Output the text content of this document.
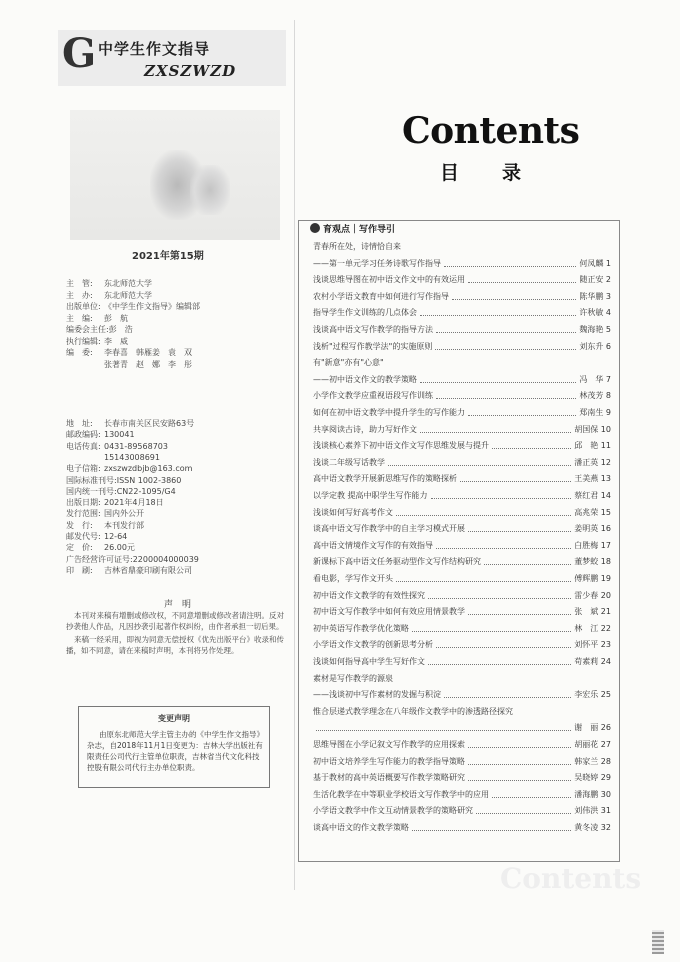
G 中学生作文指导
ZXSZWZD
2021年第15期
主　管: 东北师范大学
主　办: 东北师范大学
出版单位: 《中学生作文指导》编辑部
主　编: 彭　航
编委会主任:彭　浩
执行编辑: 李　威
编　委: 李春喜　韩雁姜　袁　双
张著青　赵　娜　李　彤
地　址: 长春市南关区民安路63号
邮政编码: 130041
电话传真: 0431-89568703
15143008691
电子信箱: zxszwzdbjb@163.com
国际标准刊号:ISSN 1002-3860
国内统一刊号:CN22-1095/G4
出版日期: 2021年4月18日
发行范围: 国内外公开
发　行: 本刊发行部
邮发代号: 12-64
定　价: 26.00元
广告经营许可证号:2200004000039
印　刷: 吉林省鼎豪印刷有限公司
声　明

本刊对来稿有增删或修改权，不同意增删或修改者请注明。反对抄袭他人作品，凡因抄袭引起著作权纠纷，由作者承担一切后果。

来稿一经采用，即视为同意无偿授权《优先出版平台》收录和传播，如不同意，请在来稿时声明，本刊将另作处理。

变更声明
由原东北师范大学主管主办的《中学生作文指导》杂志，自2018年11月1日变更为：吉林大学出版社有限责任公司代行主管单位职责，吉林省当代文化科技控股有限公司代行主办单位职责。
Contents
目　录
育观点｜写作导引
青春所在处，诗情恰自来
——第一单元学习任务诗歌写作指导	何凤麟 1
浅谈思维导图在初中语文作文中的有效运用	随正安 2
农村小学语文教育中如何进行写作指导	陈华鹏 3
指导学生作文训练的几点体会	许秋敏 4
浅谈高中语文写作教学的指导方法	魏海艳 5
浅析"过程写作教学法"的实施原则	刘东升 6
有"新意"亦有"心意"
——初中语文作文的教学策略	冯　华 7
小学作文教学应重视语段写作训练	林茂芳 8
如何在初中语文教学中提升学生的写作能力	郑南生 9
共享阅读古诗，助力写好作文	胡国保 10
浅谈核心素养下初中语文作文写作思维发展与提升	邱　艳 11
浅谈二年级写话教学	潘正英 12
高中语文教学开展新思维写作的策略探析	王美燕 13
以学定教 提高中职学生写作能力	蔡红君 14
浅谈如何写好高考作文	高兆荣 15
谈高中语文写作教学中的自主学习模式开展	姜明英 16
高中语文情境作文写作的有效指导	白胜梅 17
新课标下高中语文任务驱动型作文写作结构研究	董梦蛟 18
看电影，学写作文开头	傅辉鹏 19
初中语文作文教学的有效性探究	雷少春 20
初中语文写作教学中如何有效应用情景教学	张　斌 21
初中英语写作教学优化策略	林　江 22
小学语文作文教学的创新思考分析	刘怀平 23
浅谈如何指导高中学生写好作文	苟素莉 24
素材是写作教学的源泉
——浅谈初中写作素材的发掘与积淀	李宏乐 25
惟合层递式教学理念在八年级作文教学中的渗透路径探究
谢　丽 26
思维导图在小学记叙文写作教学的应用探索	胡丽花 27
初中语文培养学生写作能力的教学指导策略	韩家兰 28
基于教材的高中英语概要写作教学策略研究	吴晓婷 29
生活化教学在中等职业学校语文写作教学中的应用	潘海鹏 30
小学语文教学中作文互动情景教学的策略研究	刘伟洪 31
谈高中语文的作文教学策略	黄冬凌 32
Contents
